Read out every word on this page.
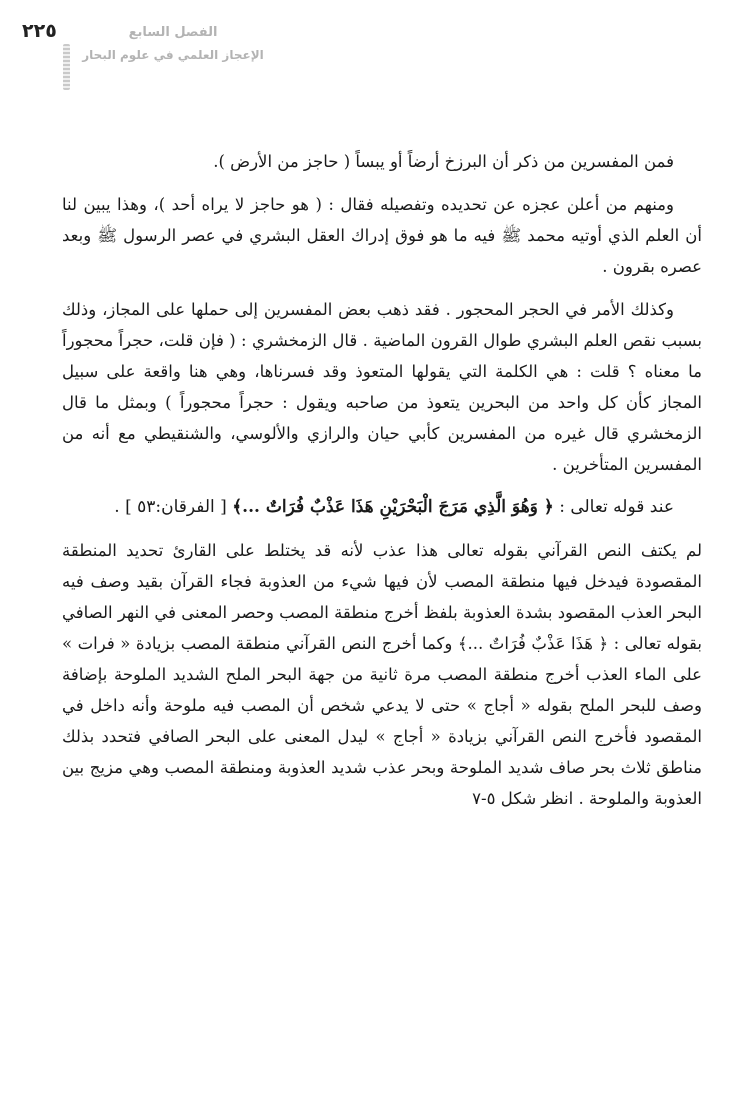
٢٢٥	الفصل السابع
الإعجاز العلمي في علوم البحار

فمن المفسرين من ذكر أن البرزخ أرضاً أو يبساً ( حاجز من الأرض ).

ومنهم من أعلن عجزه عن تحديده وتفصيله فقال : ( هو حاجز لا يراه أحد )، وهذا يبين لنا أن العلم الذي أوتيه محمد ﷺ فيه ما هو فوق إدراك العقل البشري في عصر الرسول ﷺ وبعد عصره بقرون .

وكذلك الأمر في الحجر المحجور . فقد ذهب بعض المفسرين إلى حملها على المجاز، وذلك بسبب نقص العلم البشري طوال القرون الماضية . قال الزمخشري : ( فإن قلت، حجراً محجوراً ما معناه ؟ قلت : هي الكلمة التي يقولها المتعوذ وقد فسرناها، وهي هنا واقعة على سبيل المجاز كأن كل واحد من البحرين يتعوذ من صاحبه ويقول : حجراً محجوراً ) وبمثل ما قال الزمخشري قال غيره من المفسرين كأبي حيان والرازي والألوسي، والشنقيطي مع أنه من المفسرين المتأخرين .

عند قوله تعالى : ﴿ وَهُوَ الَّذِي مَرَجَ الْبَحْرَيْنِ هَذَا عَذْبٌ فُرَاتٌ ...﴾ [ الفرقان:٥٣ ] .

لم يكتف النص القرآني بقوله تعالى هذا عذب لأنه قد يختلط على القارئ تحديد المنطقة المقصودة فيدخل فيها منطقة المصب لأن فيها شيء من العذوبة فجاء القرآن بقيد وصف فيه البحر العذب المقصود بشدة العذوبة بلفظ أخرج منطقة المصب وحصر المعنى في النهر الصافي بقوله تعالى : ﴿ هَذَا عَذْبٌ فُرَاتٌ ...﴾ وكما أخرج النص القرآني منطقة المصب بزيادة « فرات » على الماء العذب أخرج منطقة المصب مرة ثانية من جهة البحر الملح الشديد الملوحة بإضافة وصف للبحر الملح بقوله « أجاج » حتى لا يدعي شخص أن المصب فيه ملوحة وأنه داخل في المقصود فأخرج النص القرآني بزيادة « أجاج » ليدل المعنى على البحر الصافي فتحدد بذلك مناطق ثلاث بحر صاف شديد الملوحة وبحر عذب شديد العذوبة ومنطقة المصب وهي مزيج بين العذوبة والملوحة . انظر شكل ٥-٧
